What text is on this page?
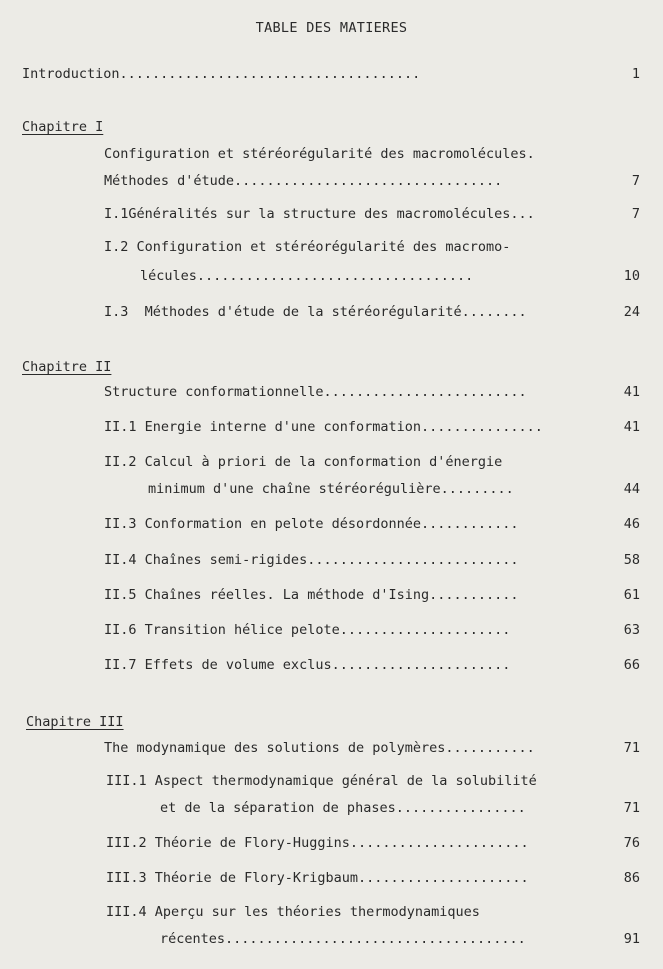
TABLE DES MATIERES
Introduction.....................................	1
Chapitre I
Configuration et stéréorégularité des macromolécules.
Méthodes d'étude.................................	7
I.1Généralités sur la structure des macromolécules...	7
I.2 Configuration et stéréorégularité des macromo-
lécules..................................	10
I.3  Méthodes d'étude de la stéréorégularité........	24
Chapitre II
Structure conformationnelle.........................	41
II.1 Energie interne d'une conformation...............	41
II.2 Calcul à priori de la conformation d'énergie
minimum d'une chaîne stéréorégulière.........	44
II.3 Conformation en pelote désordonnée............	46
II.4 Chaînes semi-rigides..........................	58
II.5 Chaînes réelles. La méthode d'Ising...........	61
II.6 Transition hélice pelote.....................	63
II.7 Effets de volume exclus......................	66
Chapitre III
The modynamique des solutions de polymères...........	71
III.1 Aspect thermodynamique général de la solubilité
et de la séparation de phases................	71
III.2 Théorie de Flory-Huggins......................	76
III.3 Théorie de Flory-Krigbaum.....................	86
III.4 Aperçu sur les théories thermodynamiques
récentes.....................................	91
